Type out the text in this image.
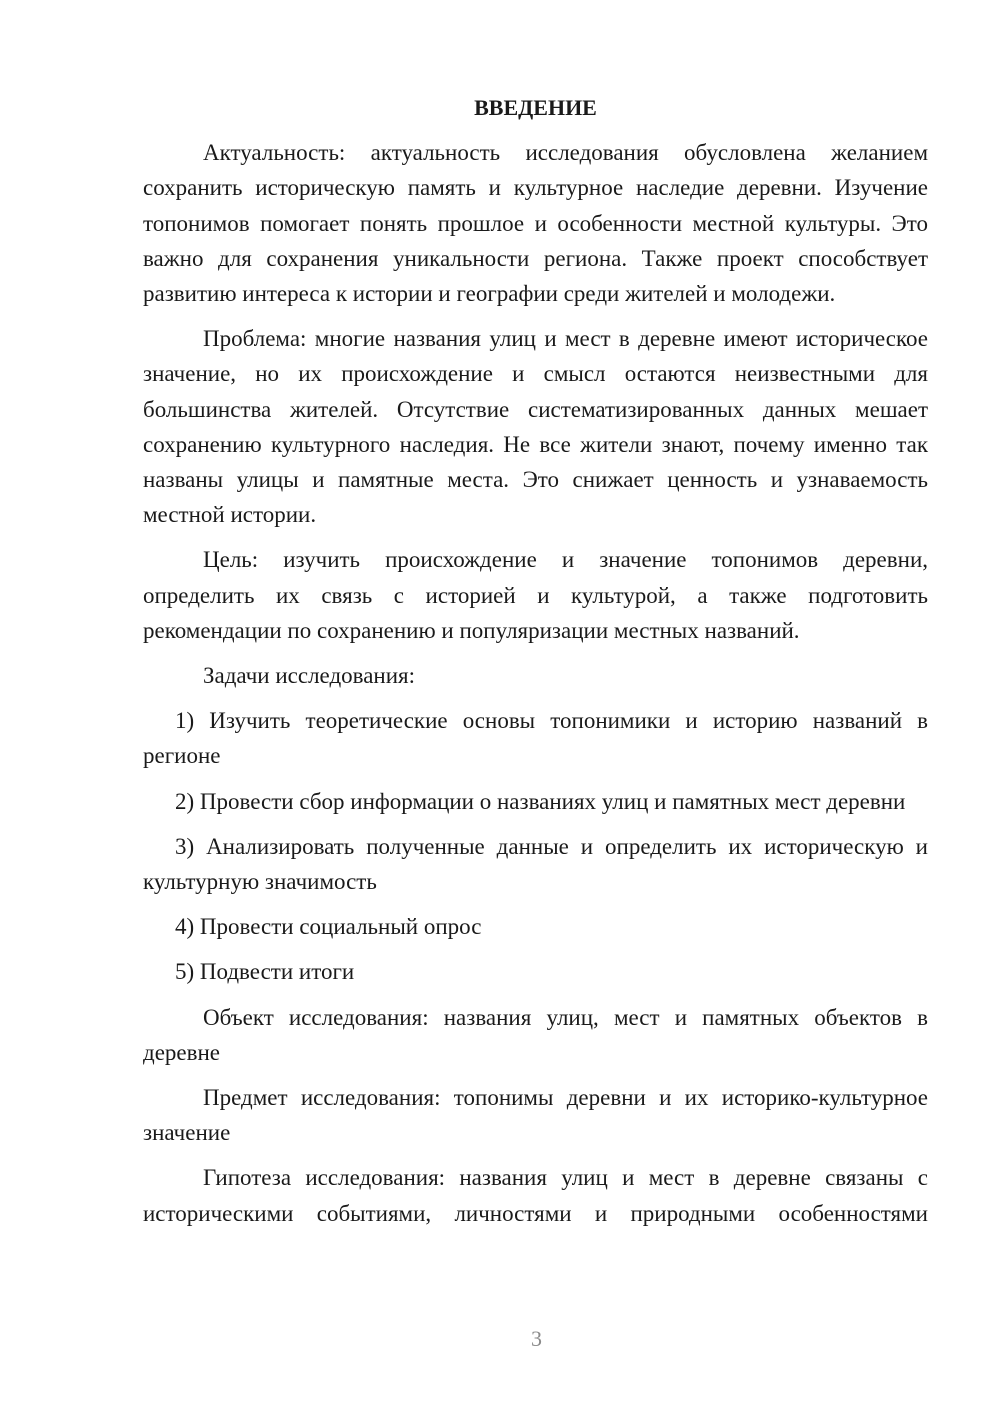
ВВЕДЕНИЕ

Актуальность: актуальность исследования обусловлена желанием сохранить историческую память и культурное наследие деревни. Изучение топонимов помогает понять прошлое и особенности местной культуры. Это важно для сохранения уникальности региона. Также проект способствует развитию интереса к истории и географии среди жителей и молодежи.

Проблема: многие названия улиц и мест в деревне имеют историческое значение, но их происхождение и смысл остаются неизвестными для большинства жителей. Отсутствие систематизированных данных мешает сохранению культурного наследия. Не все жители знают, почему именно так названы улицы и памятные места. Это снижает ценность и узнаваемость местной истории.

Цель: изучить происхождение и значение топонимов деревни, определить их связь с историей и культурой, а также подготовить рекомендации по сохранению и популяризации местных названий.

Задачи исследования:

1) Изучить теоретические основы топонимики и историю названий в регионе

2) Провести сбор информации о названиях улиц и памятных мест деревни

3) Анализировать полученные данные и определить их историческую и культурную значимость

4) Провести социальный опрос

5) Подвести итоги

Объект исследования: названия улиц, мест и памятных объектов в деревне

Предмет исследования: топонимы деревни и их историко-культурное значение

Гипотеза исследования: названия улиц и мест в деревне связаны с историческими событиями, личностями и природными особенностями

3
